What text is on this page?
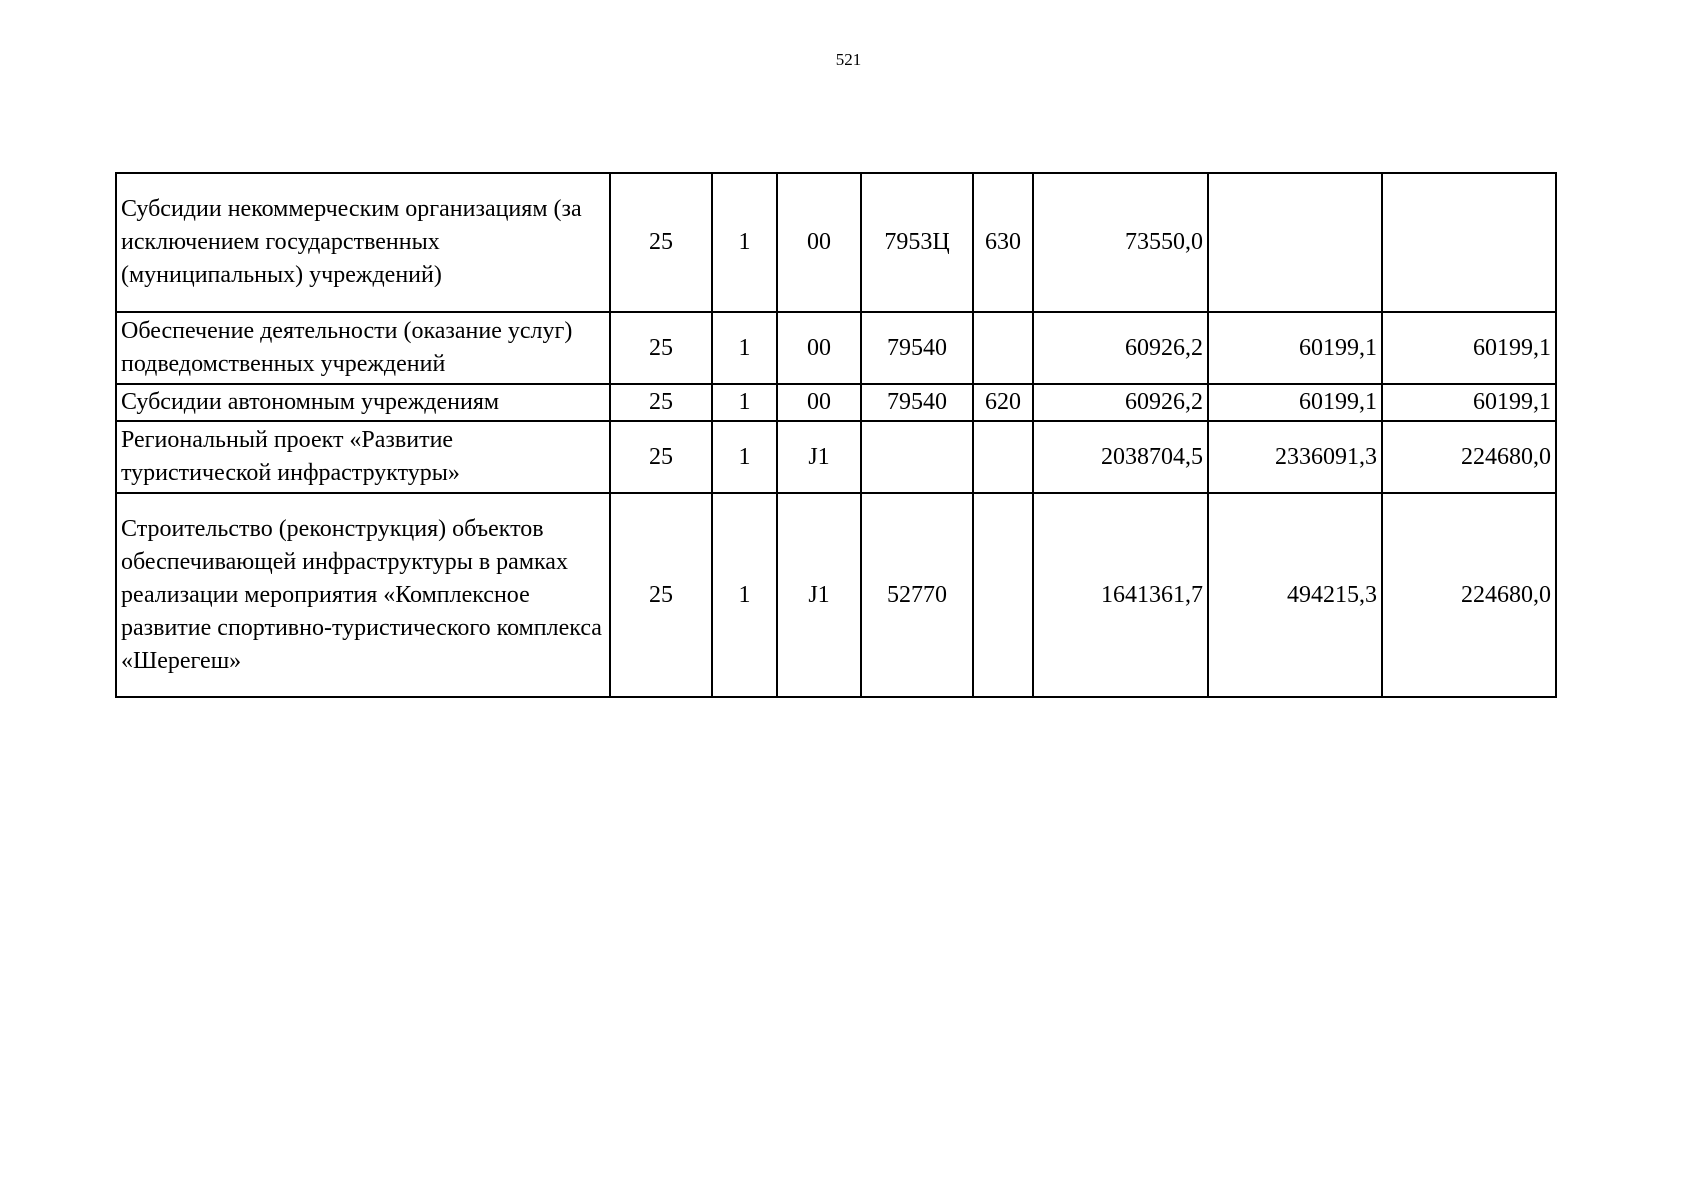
521
Субсидии некоммерческим организациям (за исключением государственных (муниципальных) учреждений)	25	1	00	7953Ц	630	73550,0		
Обеспечение деятельности (оказание услуг) подведомственных учреждений	25	1	00	79540		60926,2	60199,1	60199,1
Субсидии автономным учреждениям	25	1	00	79540	620	60926,2	60199,1	60199,1
Региональный проект «Развитие туристической инфраструктуры»	25	1	J1			2038704,5	2336091,3	224680,0
Строительство (реконструкция) объектов обеспечивающей инфраструктуры в рамках реализации мероприятия «Комплексное развитие спортивно-туристического комплекса «Шерегеш»	25	1	J1	52770		1641361,7	494215,3	224680,0
